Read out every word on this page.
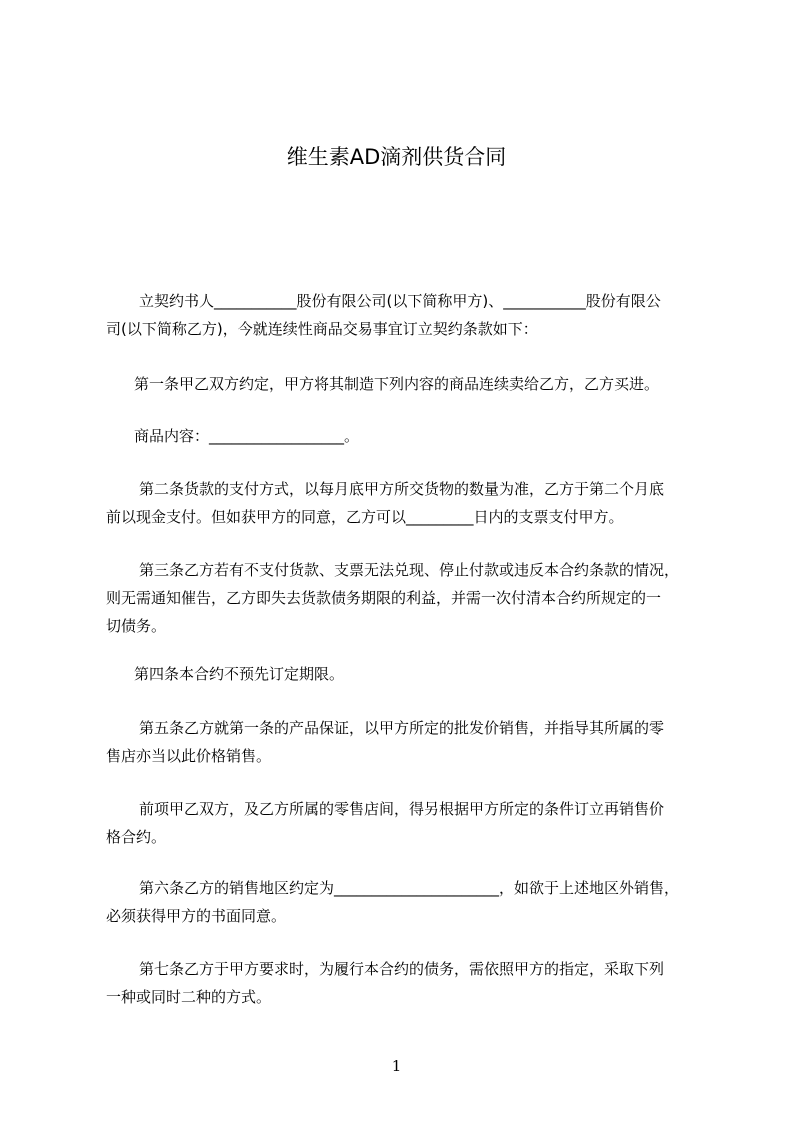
维生素AD滴剂供货合同
立契约书人___________股份有限公司(以下简称甲方)、___________股份有限公
司(以下简称乙方)，今就连续性商品交易事宜订立契约条款如下：
第一条甲乙双方约定，甲方将其制造下列内容的商品连续卖给乙方，乙方买进。
商品内容：__________________。
第二条货款的支付方式，以每月底甲方所交货物的数量为准，乙方于第二个月底
前以现金支付。但如获甲方的同意，乙方可以_________日内的支票支付甲方。
第三条乙方若有不支付货款、支票无法兑现、停止付款或违反本合约条款的情况，
则无需通知催告，乙方即失去货款债务期限的利益，并需一次付清本合约所规定的一
切债务。
第四条本合约不预先订定期限。
第五条乙方就第一条的产品保证，以甲方所定的批发价销售，并指导其所属的零
售店亦当以此价格销售。
前项甲乙双方，及乙方所属的零售店间，得另根据甲方所定的条件订立再销售价
格合约。
第六条乙方的销售地区约定为______________________，如欲于上述地区外销售，
必须获得甲方的书面同意。
第七条乙方于甲方要求时，为履行本合约的债务，需依照甲方的指定，采取下列
一种或同时二种的方式。
1
